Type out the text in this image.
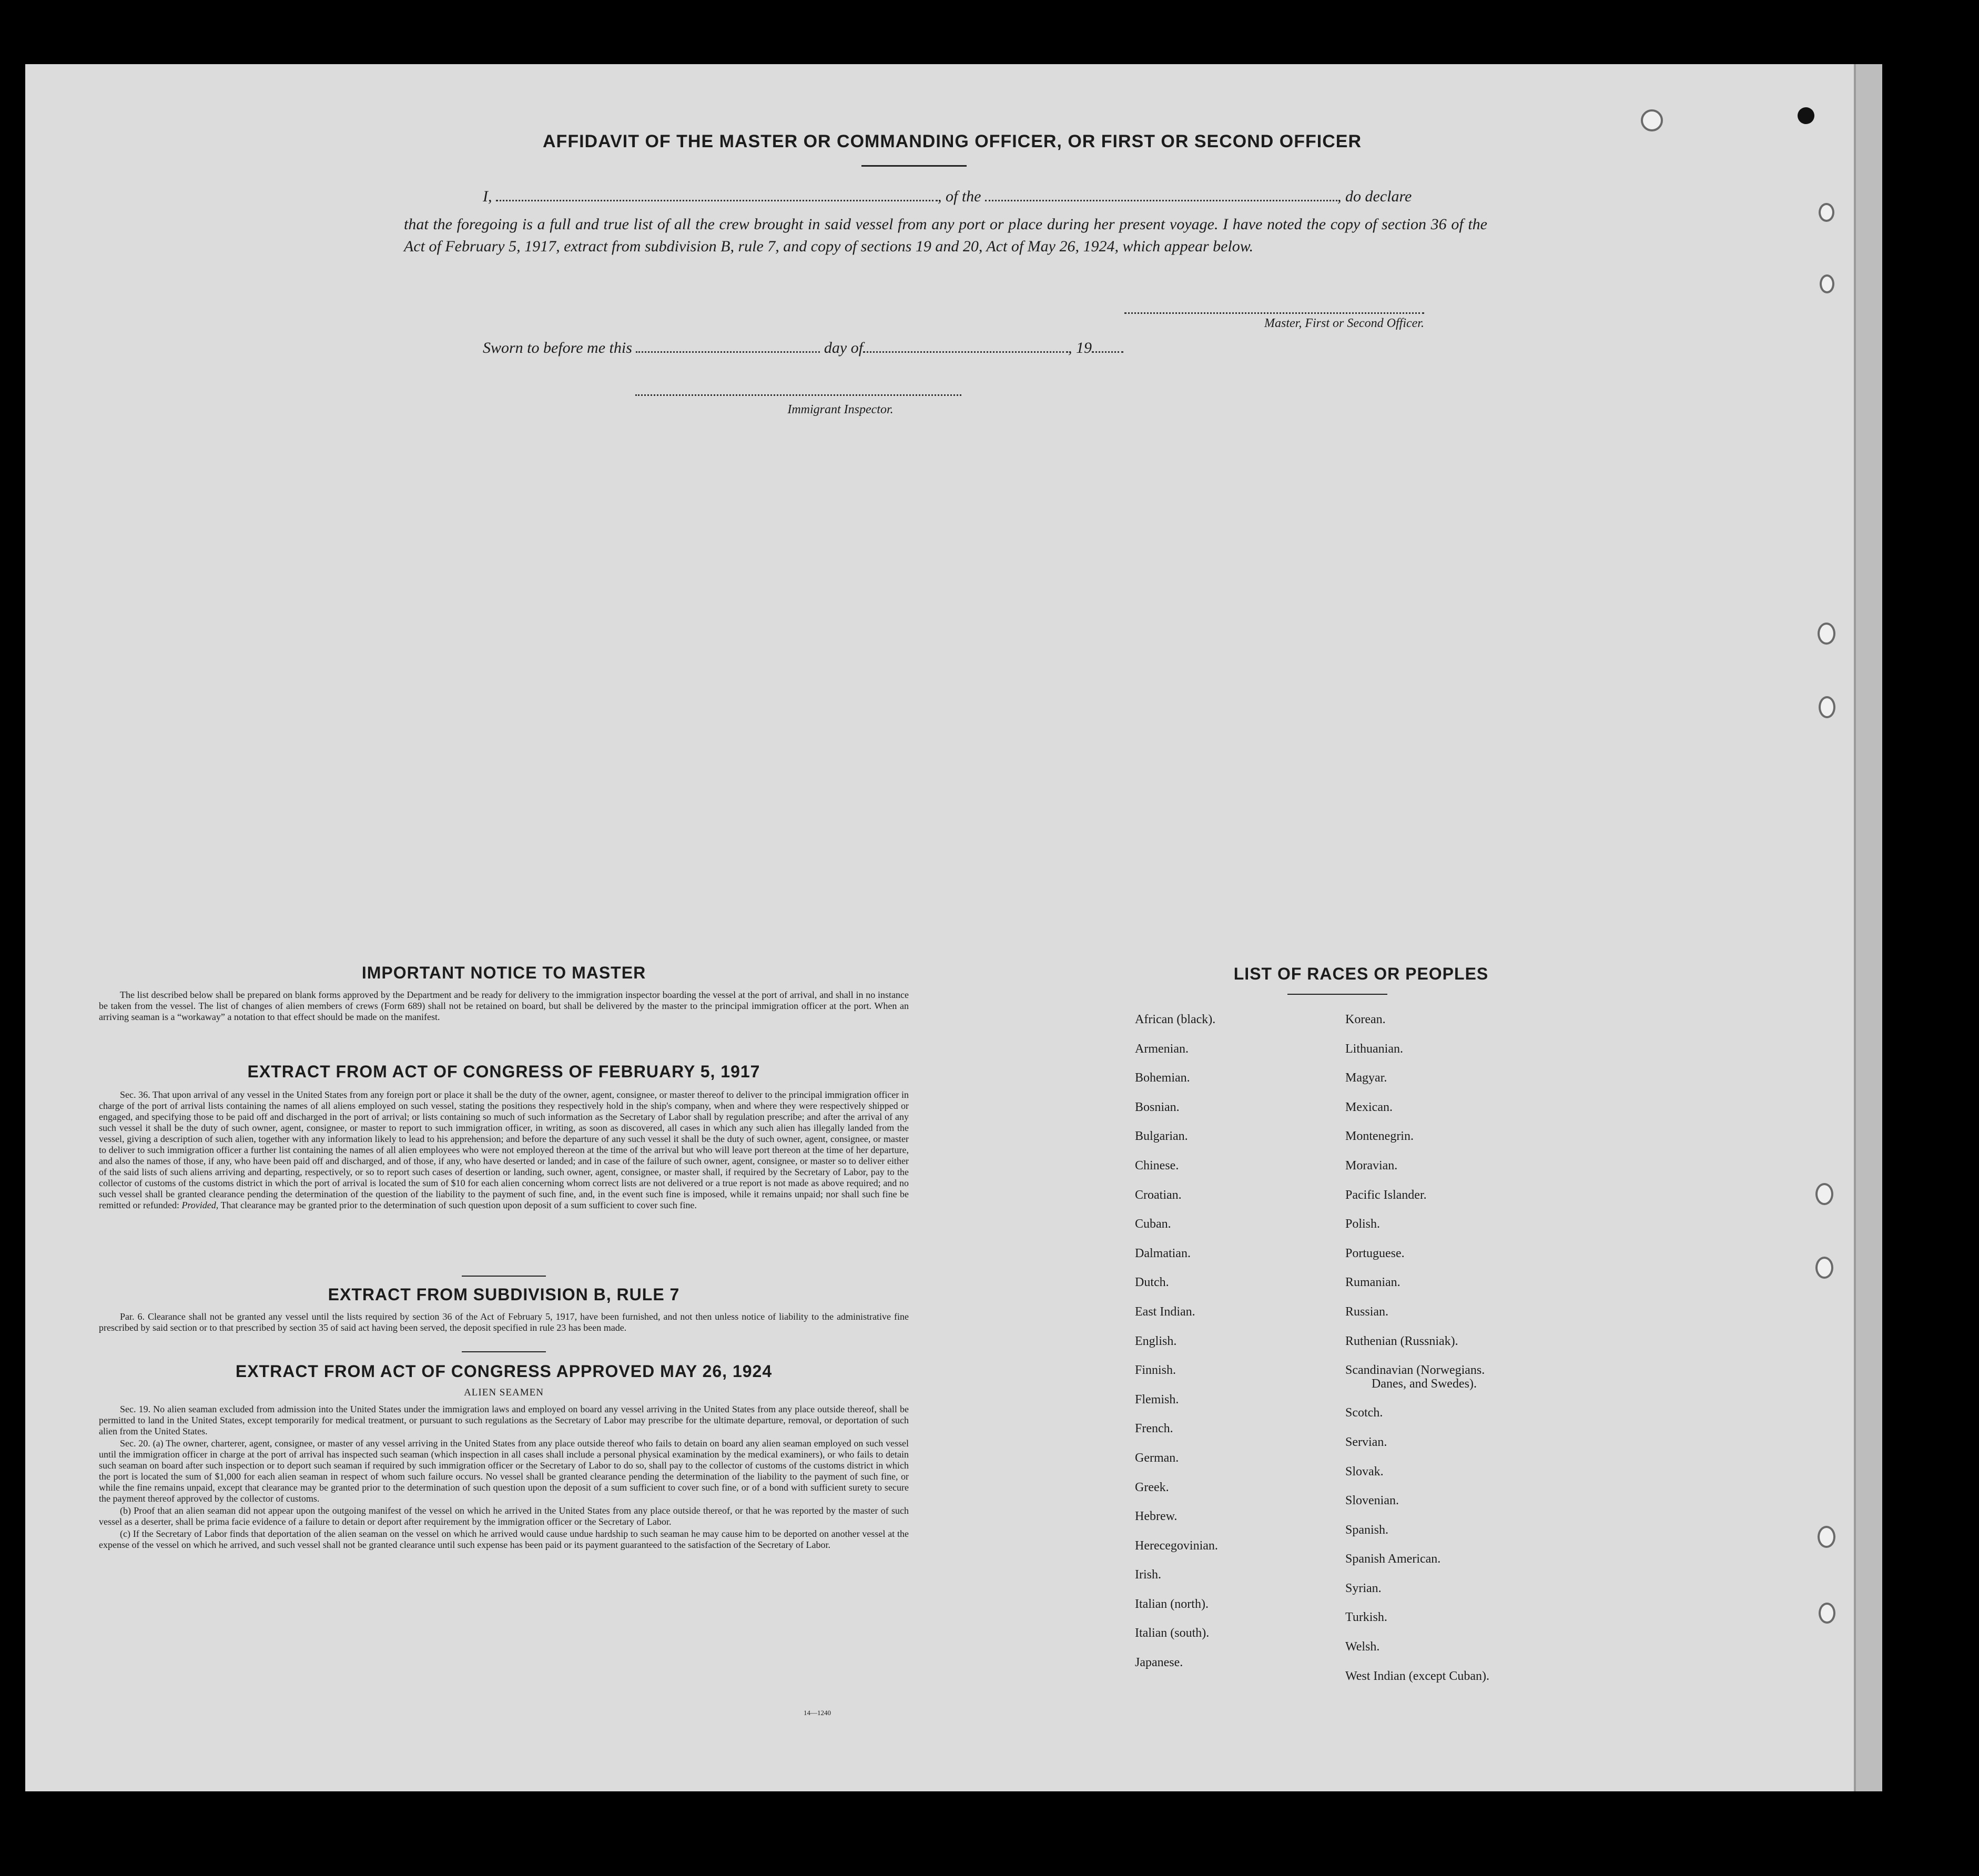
AFFIDAVIT OF THE MASTER OR COMMANDING OFFICER, OR FIRST OR SECOND OFFICER
I,	, of the	, do declare
that the foregoing is a full and true list of all the crew brought in said vessel from any port or place during her present voyage. I have noted the copy of section 36 of the Act of February 5, 1917, extract from subdivision B, rule 7, and copy of sections 19 and 20, Act of May 26, 1924, which appear below.
Master, First or Second Officer.
Sworn to before me this	day of	, 19
Immigrant Inspector.
IMPORTANT NOTICE TO MASTER

The list described below shall be prepared on blank forms approved by the Department and be ready for delivery to the immigration inspector boarding the vessel at the port of arrival, and shall in no instance be taken from the vessel. The list of changes of alien members of crews (Form 689) shall not be retained on board, but shall be delivered by the master to the principal immigration officer at the port. When an arriving seaman is a “workaway” a notation to that effect should be made on the manifest.

EXTRACT FROM ACT OF CONGRESS OF FEBRUARY 5, 1917

Sec. 36. That upon arrival of any vessel in the United States from any foreign port or place it shall be the duty of the owner, agent, consignee, or master thereof to deliver to the principal immigration officer in charge of the port of arrival lists containing the names of all aliens employed on such vessel, stating the positions they respectively hold in the ship's company, when and where they were respectively shipped or engaged, and specifying those to be paid off and discharged in the port of arrival; or lists containing so much of such information as the Secretary of Labor shall by regulation prescribe; and after the arrival of any such vessel it shall be the duty of such owner, agent, consignee, or master to report to such immigration officer, in writing, as soon as discovered, all cases in which any such alien has illegally landed from the vessel, giving a description of such alien, together with any information likely to lead to his apprehension; and before the departure of any such vessel it shall be the duty of such owner, agent, consignee, or master to deliver to such immigration officer a further list containing the names of all alien employees who were not employed thereon at the time of the arrival but who will leave port thereon at the time of her departure, and also the names of those, if any, who have been paid off and discharged, and of those, if any, who have deserted or landed; and in case of the failure of such owner, agent, consignee, or master so to deliver either of the said lists of such aliens arriving and departing, respectively, or so to report such cases of desertion or landing, such owner, agent, consignee, or master shall, if required by the Secretary of Labor, pay to the collector of customs of the customs district in which the port of arrival is located the sum of $10 for each alien concerning whom correct lists are not delivered or a true report is not made as above required; and no such vessel shall be granted clearance pending the determination of the question of the liability to the payment of such fine, and, in the event such fine is imposed, while it remains unpaid; nor shall such fine be remitted or refunded: Provided, That clearance may be granted prior to the determination of such question upon deposit of a sum sufficient to cover such fine.

EXTRACT FROM SUBDIVISION B, RULE 7

Par. 6. Clearance shall not be granted any vessel until the lists required by section 36 of the Act of February 5, 1917, have been furnished, and not then unless notice of liability to the administrative fine prescribed by said section or to that prescribed by section 35 of said act having been served, the deposit specified in rule 23 has been made.

EXTRACT FROM ACT OF CONGRESS APPROVED MAY 26, 1924
ALIEN SEAMEN

Sec. 19. No alien seaman excluded from admission into the United States under the immigration laws and employed on board any vessel arriving in the United States from any place outside thereof, shall be permitted to land in the United States, except temporarily for medical treatment, or pursuant to such regulations as the Secretary of Labor may prescribe for the ultimate departure, removal, or deportation of such alien from the United States.

Sec. 20. (a) The owner, charterer, agent, consignee, or master of any vessel arriving in the United States from any place outside thereof who fails to detain on board any alien seaman employed on such vessel until the immigration officer in charge at the port of arrival has inspected such seaman (which inspection in all cases shall include a personal physical examination by the medical examiners), or who fails to detain such seaman on board after such inspection or to deport such seaman if required by such immigration officer or the Secretary of Labor to do so, shall pay to the collector of customs of the customs district in which the port is located the sum of $1,000 for each alien seaman in respect of whom such failure occurs. No vessel shall be granted clearance pending the determination of the liability to the payment of such fine, or while the fine remains unpaid, except that clearance may be granted prior to the determination of such question upon the deposit of a sum sufficient to cover such fine, or of a bond with sufficient surety to secure the payment thereof approved by the collector of customs.

(b) Proof that an alien seaman did not appear upon the outgoing manifest of the vessel on which he arrived in the United States from any place outside thereof, or that he was reported by the master of such vessel as a deserter, shall be prima facie evidence of a failure to detain or deport after requirement by the immigration officer or the Secretary of Labor.

(c) If the Secretary of Labor finds that deportation of the alien seaman on the vessel on which he arrived would cause undue hardship to such seaman he may cause him to be deported on another vessel at the expense of the vessel on which he arrived, and such vessel shall not be granted clearance until such expense has been paid or its payment guaranteed to the satisfaction of the Secretary of Labor.

14—1240
LIST OF RACES OR PEOPLES
African (black).
Armenian.
Bohemian.
Bosnian.
Bulgarian.
Chinese.
Croatian.
Cuban.
Dalmatian.
Dutch.
East Indian.
English.
Finnish.
Flemish.
French.
German.
Greek.
Hebrew.
Herecegovinian.
Irish.
Italian (north).
Italian (south).
Japanese.
Korean.
Lithuanian.
Magyar.
Mexican.
Montenegrin.
Moravian.
Pacific Islander.
Polish.
Portuguese.
Rumanian.
Russian.
Ruthenian (Russniak).
Scandinavian (Norwegians.
Danes, and Swedes).
Scotch.
Servian.
Slovak.
Slovenian.
Spanish.
Spanish American.
Syrian.
Turkish.
Welsh.
West Indian (except Cuban).
